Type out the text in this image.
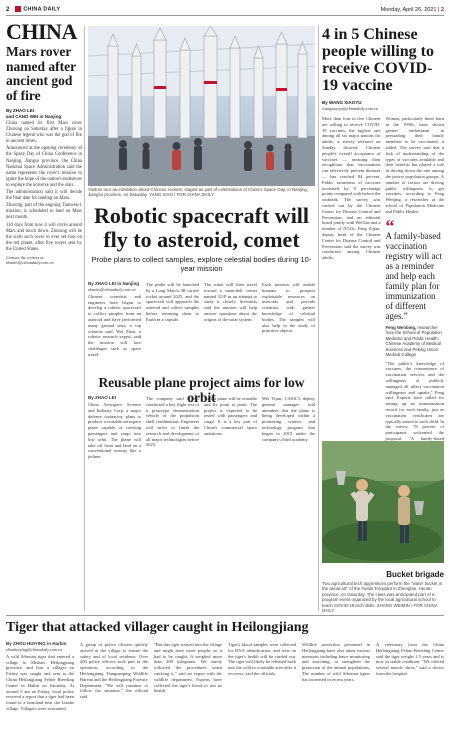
2	CHINA DAILY	Monday, April 26, 2021 | 2
CHINA
Mars rover named after ancient god of fire
By ZHAO LEI
and CANG WEI in Nanjing

China named its first Mars rover Zhurong on Saturday after a figure in Chinese legend who was the god of fire in ancient times.

Announced at the opening ceremony of the Space Day of China Conference in Nanjing, Jiangsu province, the China National Space Administration said the name represents the rover's mission to ignite the hope of the nation's endeavors to explore the universe and the stars.

The administration said it will decide the final date for landing on Mars.

Zhurong, part of the ongoing Tianwen-1 mission, is scheduled to land on Mars next month.

110 days from now it will circle around Mars and touch down. Zhurong will be the sixth such rover to ever set foot on the red planet, after five rovers sent by the United States.

Contact the writers at zhaolei@chinadaily.com.cn
Visitors tour an exhibition about Chinese rockets, staged as part of celebrations of China's Space Day, in Nanjing, Jiangsu province, on Saturday. YANG XIAO / FOR CHINA DAILY
Robotic spacecraft will fly to asteroid, comet
Probe plans to collect samples, explore celestial bodies during 10-year mission
By ZHAO LEI in Nanjing
zhaolei@chinadaily.com.cn

Chinese scientists and engineers have begun to develop a robotic spacecraft to collect samples from an asteroid and have performed many ground tests, a top scientist said. Wei Zhou, a robotic research expert, said the mission will face challenges such as space travel.

The probe will be launched by a Long March 3B carrier rocket around 2025, and the spacecraft will approach the asteroid and collect samples before returning them to Earth in a capsule.

The robot will then travel toward a main-belt comet named 311P in an attempt to study it closely. Scientists said the mission will help answer questions about the origins of the solar system.

Each mission will enable humans to prospect exploitable resources on asteroids and provide scientists with greater knowledge of celestial bodies. The samples will also help in the study of primitive objects.

Reusable plane project aims for low orbit
By ZHAO LEI

China Aerospace Science and Industry Corp, a major defense contractor, plans to produce a reusable aerospace plane capable of carrying passengers and cargo into low orbit. The plane will take off from and land on a conventional runway like a jetliner.

The company said it has conducted a key flight test of a prototype demonstration vehicle of the propulsion shell combination. Engineers will strive to finish the research and development of all major technologies before 2025.

Such a plane will be reusable and fly point to point. The project is expected to be tested with passengers and cargo. It is a key part of China's commercial space ambitions.

Wei Yijun, CASIC's deputy general manager, told attendees that the plane is being developed within a pioneering science and technology program that began in 2015 under the company's third academy.

4 in 5 Chinese people willing to receive COVID-19 vaccine
By WANG XIAOYU
wangxiaoyu@chinadaily.com.cn

More than four in five Chinese are willing to receive COVID-19 vaccines, the highest rate among all six major nations for adults, a survey released on Sunday showed. Chinese people's overall acceptance of vaccines — meaning their recognition that vaccinations can effectively prevent diseases — has reached 84 percent. Public awareness of vaccines increased by 9 percentage points compared with before the outbreak. The survey was carried out by the Chinese Center for Disease Control and Prevention, and an editorial board jointly with WeChat and a number of NGOs. Feng Zijian, deputy head of the Chinese Center for Disease Control and Prevention, said the survey was conducted among Chinese adults.

Women, particularly those born in the 1990s, have shown greater enthusiasm in persuading their family members to be vaccinated, it added. The survey said that a lack of understanding of the types of vaccines available and their benefits has played a role in driving down the rate among the poorer population groups. A number of factors are driving public willingness to get vaccines, according to Feng Wenjing, a researcher at the school of Population Medicine and Public Health.

“
A family-based vaccination registry will act as a reminder and help each family plan for immunization of different ages.”
Feng Wenbing, researcher from the School of Population Medicine and Public Health, Chinese Academy of Medical Sciences and Peking Union Medical College

"The public's knowledge of vaccines, the convenience of vaccination services and the willingness of publicly managed all affect vaccination willingness and uptake," Feng said. Experts have called for setting up an immunization record for each family, just as vaccination certificates are typically issued to each child. In the survey, 78 percent of participants welcomed the proposal. "A family-based

Bucket brigade
Two agricultural tech apprentices perform the "water bucket in the aerial art" of the Fields Tomplant in Zhenglan, Henan province, on Saturday. The class was anticipated part of a program event organized by the local agricultural school to teach COVID-19 tech skills. ZHANG WEIMIN / FOR CHINA DAILY
Tiger that attacked villager caught in Heilongjiang
By ZHOU HUIYING in Harbin
zhouhuiying@chinadaily.com.cn

A wild Siberian tiger that entered a village in Mishan, Heilongjiang province, and hurt a villager on Friday was caught and sent to the China Heilongjiang Feline Breeding Center in Hailin on Saturday. At around 6 am on Friday, local police received a report that a tiger had been found in a farmland near the Lianhe village. Villagers were evacuated.

A group of police officers quickly arrived at the village to ensure the safety and of local residents. Over 200 police officers took part in the operation, according to the Heilongjiang Tianguanping Wildlife Bureau and the Heilongjiang Forestry Department. "We will continue to follow the situation," the official said.

"But this tiger strayed into the village and might have more people, so it had to be caught. It weighed more than 200 kilograms. We surely followed the procedures when catching it," said an expert with the wildlife department. Experts have collected the tiger's blood to test its health.

Tiger's blood samples were collected for DNA identification, and tests on the tiger's health will be carried out. The tiger will likely be released back into the wild in a suitable area after it recovers, said the officials.

Wildlife protection personnel in Heilongjiang have also taken various measures including fence monitoring and searching, to strengthen the protection of the animal populations. The number of wild Siberian tigers has increased in recent years.

A veterinary from the China Heilongjiang Feline Breeding Center said the tiger weighs 1.5 years and is now in stable condition. "We offered several muscle shots," said a doctor from the hospital.
